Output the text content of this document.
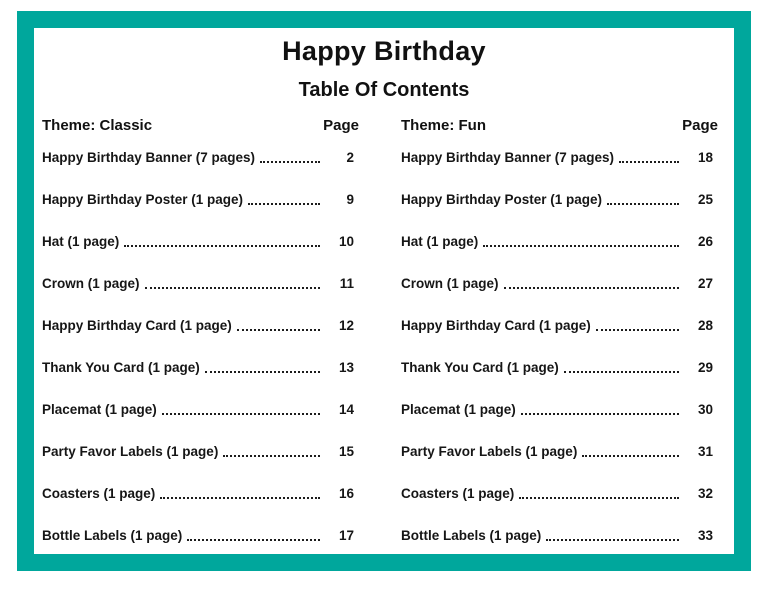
Happy Birthday
Table Of Contents
Theme: Classic	Page
Happy Birthday Banner (7 pages)	2
Happy Birthday Poster (1 page)	9
Hat (1 page)	10
Crown (1 page)	11
Happy Birthday Card (1 page)	12
Thank You Card (1 page)	13
Placemat (1 page)	14
Party Favor Labels (1 page)	15
Coasters (1 page)	16
Bottle Labels (1 page)	17
Theme: Fun	Page
Happy Birthday Banner (7 pages)	18
Happy Birthday Poster (1 page)	25
Hat (1 page)	26
Crown (1 page)	27
Happy Birthday Card (1 page)	28
Thank You Card (1 page)	29
Placemat (1 page)	30
Party Favor Labels (1 page)	31
Coasters (1 page)	32
Bottle Labels (1 page)	33
